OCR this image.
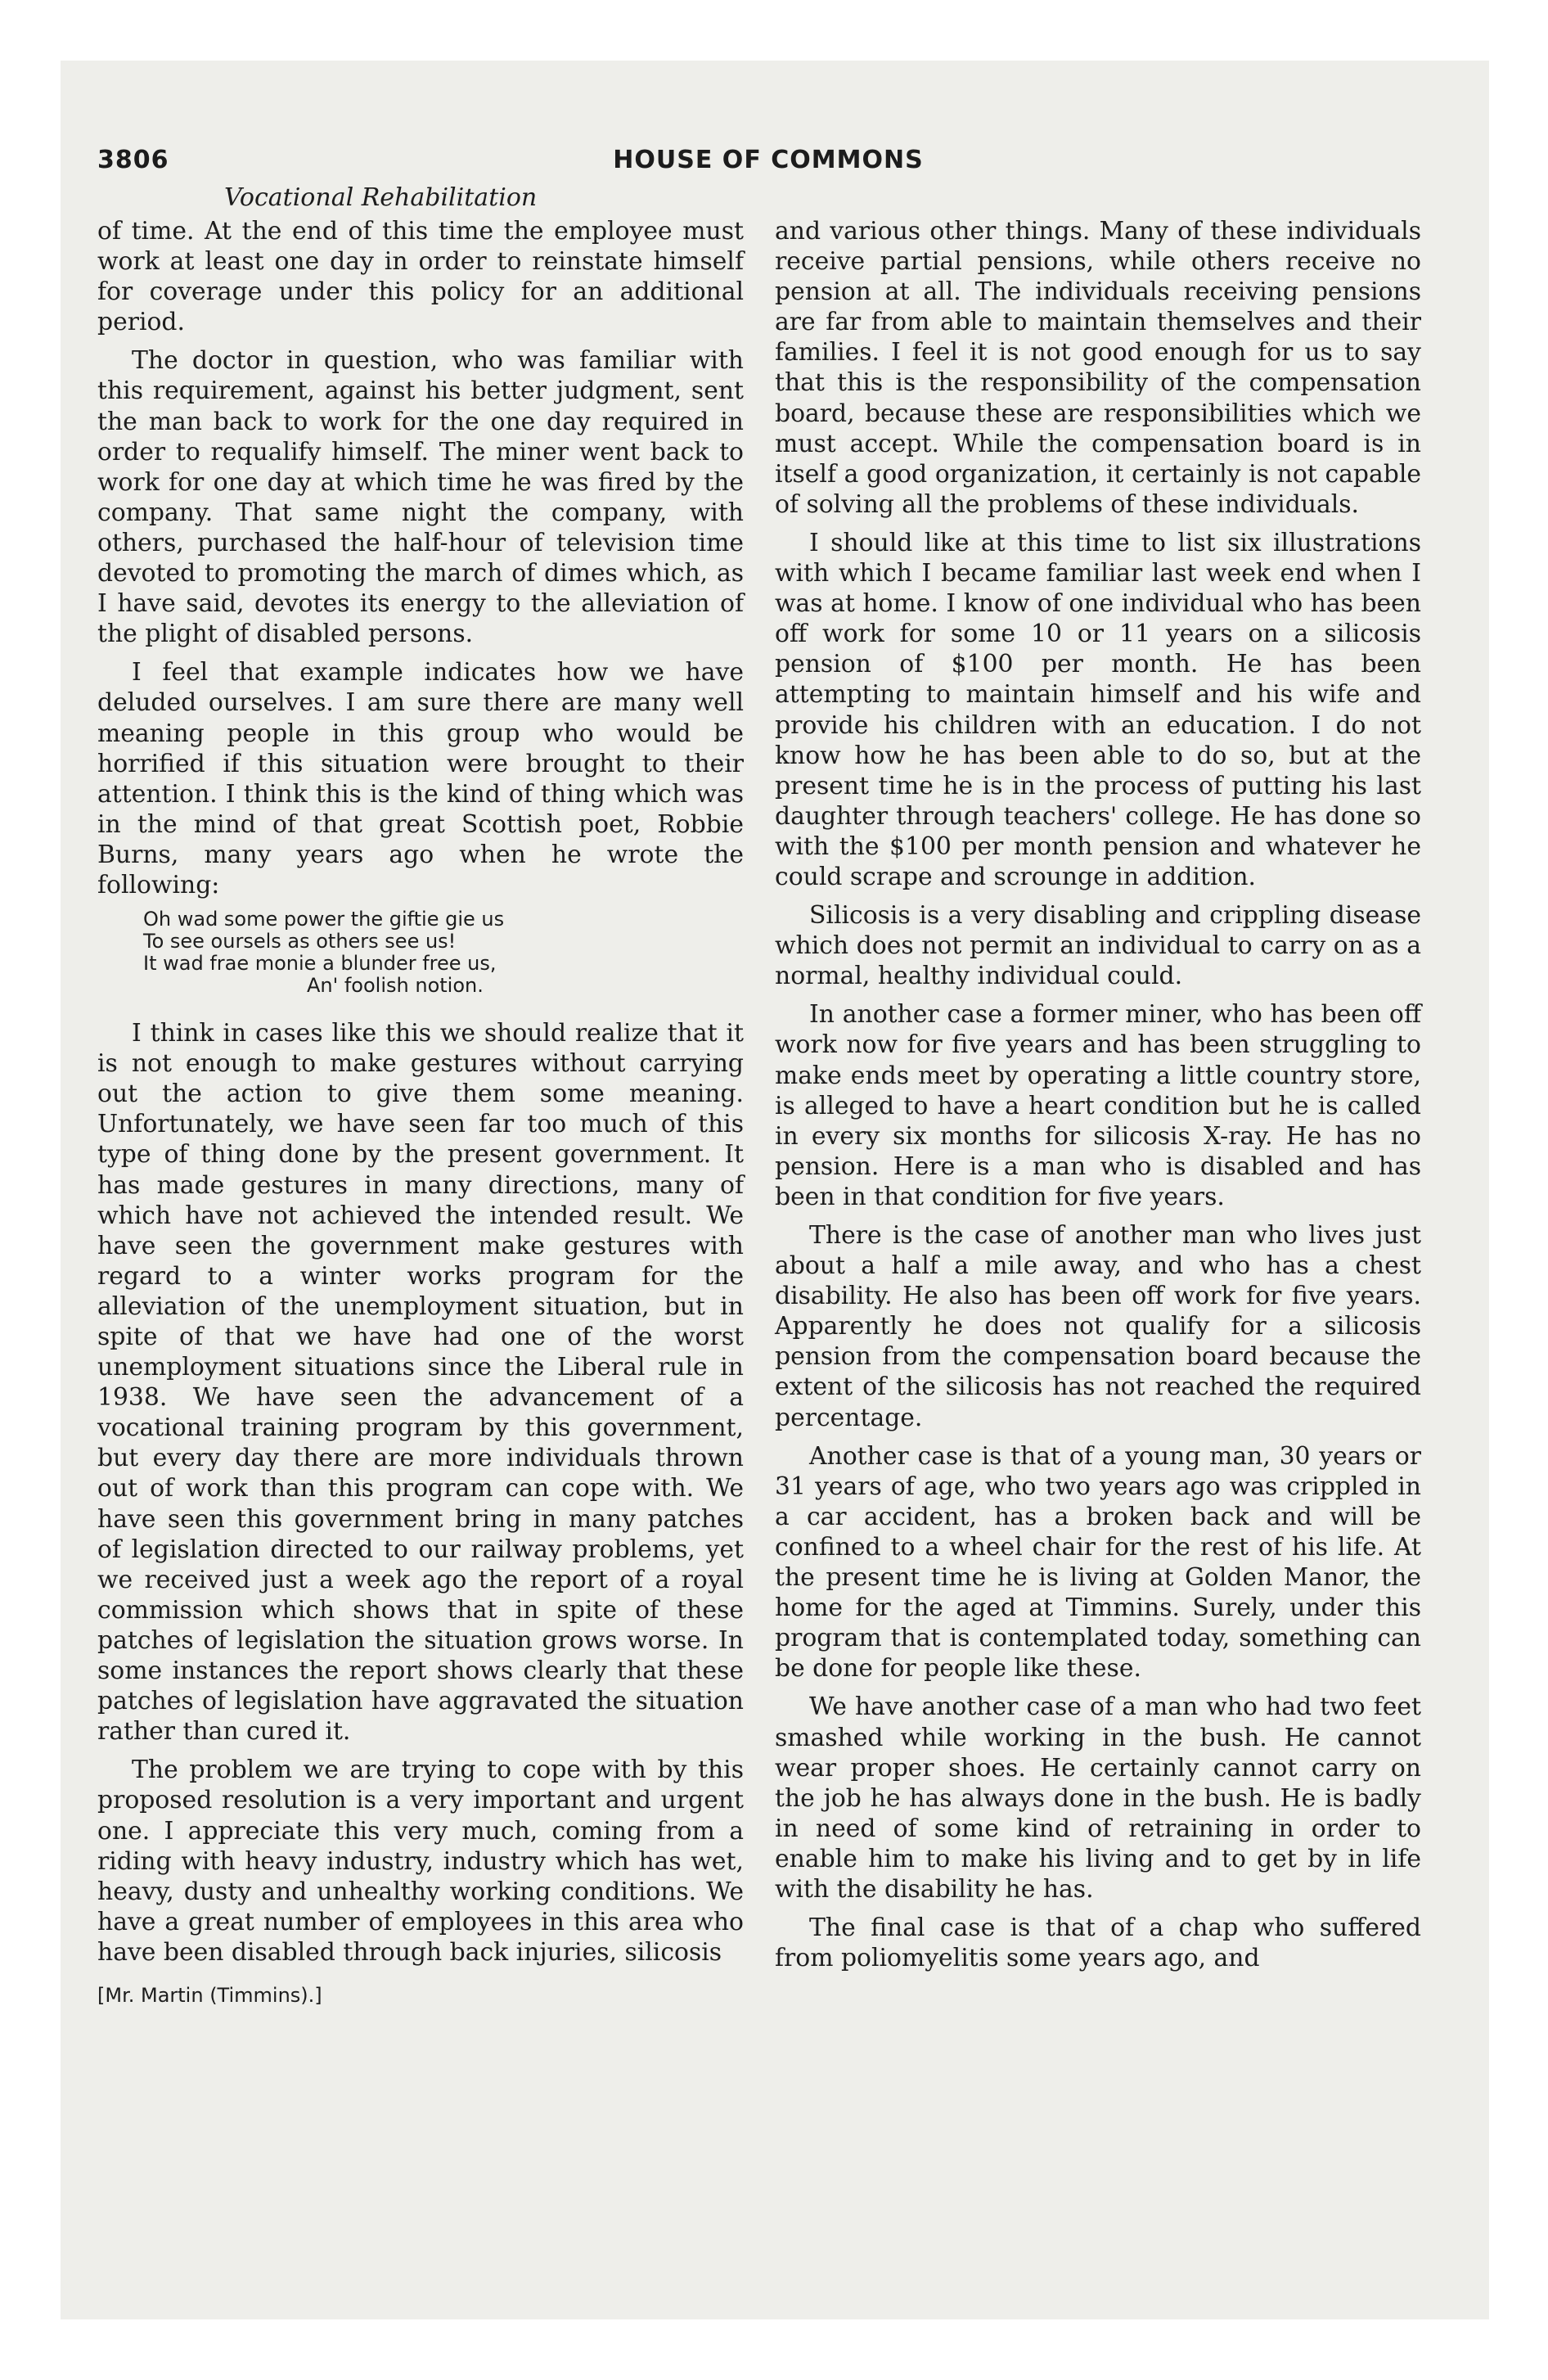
3806	HOUSE OF COMMONS
Vocational Rehabilitation

of time. At the end of this time the employee must work at least one day in order to reinstate himself for coverage under this policy for an additional period.

The doctor in question, who was familiar with this requirement, against his better judgment, sent the man back to work for the one day required in order to requalify himself. The miner went back to work for one day at which time he was fired by the company. That same night the company, with others, purchased the half-hour of television time devoted to promoting the march of dimes which, as I have said, devotes its energy to the alleviation of the plight of disabled persons.

I feel that example indicates how we have deluded ourselves. I am sure there are many well meaning people in this group who would be horrified if this situation were brought to their attention. I think this is the kind of thing which was in the mind of that great Scottish poet, Robbie Burns, many years ago when he wrote the following:

Oh wad some power the giftie gie us
To see oursels as others see us!
It wad frae monie a blunder free us,
An' foolish notion.

I think in cases like this we should realize that it is not enough to make gestures without carrying out the action to give them some meaning. Unfortunately, we have seen far too much of this type of thing done by the present government. It has made gestures in many directions, many of which have not achieved the intended result. We have seen the government make gestures with regard to a winter works program for the alleviation of the unemployment situation, but in spite of that we have had one of the worst unemployment situations since the Liberal rule in 1938. We have seen the advancement of a vocational training program by this government, but every day there are more individuals thrown out of work than this program can cope with. We have seen this government bring in many patches of legislation directed to our railway problems, yet we received just a week ago the report of a royal commission which shows that in spite of these patches of legislation the situation grows worse. In some instances the report shows clearly that these patches of legislation have aggravated the situation rather than cured it.

The problem we are trying to cope with by this proposed resolution is a very important and urgent one. I appreciate this very much, coming from a riding with heavy industry, industry which has wet, heavy, dusty and unhealthy working conditions. We have a great number of employees in this area who have been disabled through back injuries, silicosis

[Mr. Martin (Timmins).]

and various other things. Many of these individuals receive partial pensions, while others receive no pension at all. The individuals receiving pensions are far from able to maintain themselves and their families. I feel it is not good enough for us to say that this is the responsibility of the compensation board, because these are responsibilities which we must accept. While the compensation board is in itself a good organization, it certainly is not capable of solving all the problems of these individuals.

I should like at this time to list six illustrations with which I became familiar last week end when I was at home. I know of one individual who has been off work for some 10 or 11 years on a silicosis pension of $100 per month. He has been attempting to maintain himself and his wife and provide his children with an education. I do not know how he has been able to do so, but at the present time he is in the process of putting his last daughter through teachers' college. He has done so with the $100 per month pension and whatever he could scrape and scrounge in addition.

Silicosis is a very disabling and crippling disease which does not permit an individual to carry on as a normal, healthy individual could.

In another case a former miner, who has been off work now for five years and has been struggling to make ends meet by operating a little country store, is alleged to have a heart condition but he is called in every six months for silicosis X-ray. He has no pension. Here is a man who is disabled and has been in that condition for five years.

There is the case of another man who lives just about a half a mile away, and who has a chest disability. He also has been off work for five years. Apparently he does not qualify for a silicosis pension from the compensation board because the extent of the silicosis has not reached the required percentage.

Another case is that of a young man, 30 years or 31 years of age, who two years ago was crippled in a car accident, has a broken back and will be confined to a wheel chair for the rest of his life. At the present time he is living at Golden Manor, the home for the aged at Timmins. Surely, under this program that is contemplated today, something can be done for people like these.

We have another case of a man who had two feet smashed while working in the bush. He cannot wear proper shoes. He certainly cannot carry on the job he has always done in the bush. He is badly in need of some kind of retraining in order to enable him to make his living and to get by in life with the disability he has.

The final case is that of a chap who suffered from poliomyelitis some years ago, and
